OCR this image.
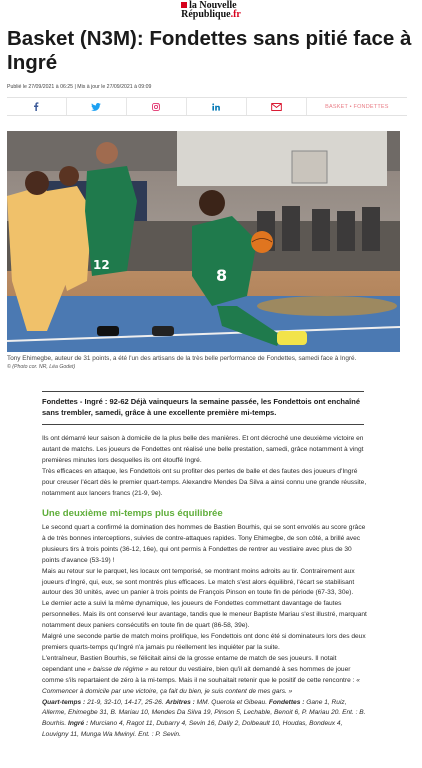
la Nouvelle
République.fr
Basket (N3M): Fondettes sans pitié face à Ingré
Publié le 27/09/2021 à 06:25 | Mis à jour le 27/09/2021 à 09:09
BASKET • FONDETTES
8
12
Tony Ehimegbe, auteur de 31 points, a été l'un des artisans de la très belle performance de Fondettes, samedi face à Ingré.
© (Photo cor. NR, Léa Godet)
Fondettes - Ingré : 92-62 Déjà vainqueurs la semaine passée, les Fondettois ont enchaîné sans trembler, samedi, grâce à une excellente première mi-temps.
Ils ont démarré leur saison à domicile de la plus belle des manières. Et ont décroché une deuxième victoire en autant de matchs. Les joueurs de Fondettes ont réalisé une belle prestation, samedi, grâce notamment à vingt premières minutes lors desquelles ils ont étouffé Ingré.
Très efficaces en attaque, les Fondettois ont su profiter des pertes de balle et des fautes des joueurs d'Ingré pour creuser l'écart dès le premier quart-temps. Alexandre Mendes Da Silva a ainsi connu une grande réussite, notamment aux lancers francs (21-9, 9e).
Une deuxième mi-temps plus équilibrée
Le second quart a confirmé la domination des hommes de Bastien Bourhis, qui se sont envolés au score grâce à de très bonnes interceptions, suivies de contre-attaques rapides. Tony Ehimegbe, de son côté, a brillé avec plusieurs tirs à trois points (36-12, 16e), qui ont permis à Fondettes de rentrer au vestiaire avec plus de 30 points d'avance (53-19) !
Mais au retour sur le parquet, les locaux ont temporisé, se montrant moins adroits au tir. Contrairement aux joueurs d'Ingré, qui, eux, se sont montrés plus efficaces. Le match s'est alors équilibré, l'écart se stabilisant autour des 30 unités, avec un panier à trois points de François Pinson en toute fin de période (67-33, 30e).
Le dernier acte a suivi la même dynamique, les joueurs de Fondettes commettant davantage de fautes personnelles. Mais ils ont conservé leur avantage, tandis que le meneur Baptiste Mariau s'est illustré, marquant notamment deux paniers consécutifs en toute fin de quart (86-58, 39e).
Malgré une seconde partie de match moins prolifique, les Fondettois ont donc été si dominateurs lors des deux premiers quarts-temps qu'Ingré n'a jamais pu réellement les inquiéter par la suite.
L'entraîneur, Bastien Bourhis, se félicitait ainsi de la grosse entame de match de ses joueurs. Il notait cependant une « baisse de régime » au retour du vestiaire, bien qu'il ait demandé à ses hommes de jouer comme s'ils repartaient de zéro à la mi-temps. Mais il ne souhaitait retenir que le positif de cette rencontre : « Commencer à domicile par une victoire, ça fait du bien, je suis content de mes gars. »
Quart-temps : 21-9, 32-10, 14-17, 25-26. Arbitres : MM. Querola et Gibeau. Fondettes : Gane 1, Ruiz, Allerme, Ehimegbe 31, B. Mariau 10, Mendes Da Silva 19, Pinson 5, Lechable, Benoit 6, P. Mariau 20. Ent. : B. Bourhis. Ingré : Murciano 4, Ragot 11, Dubarry 4, Sevin 16, Dally 2, Dolbeault 10, Houdas, Bondeux 4, Louvigny 11, Munga Wa Mwinyi. Ent. : P. Sevin.
